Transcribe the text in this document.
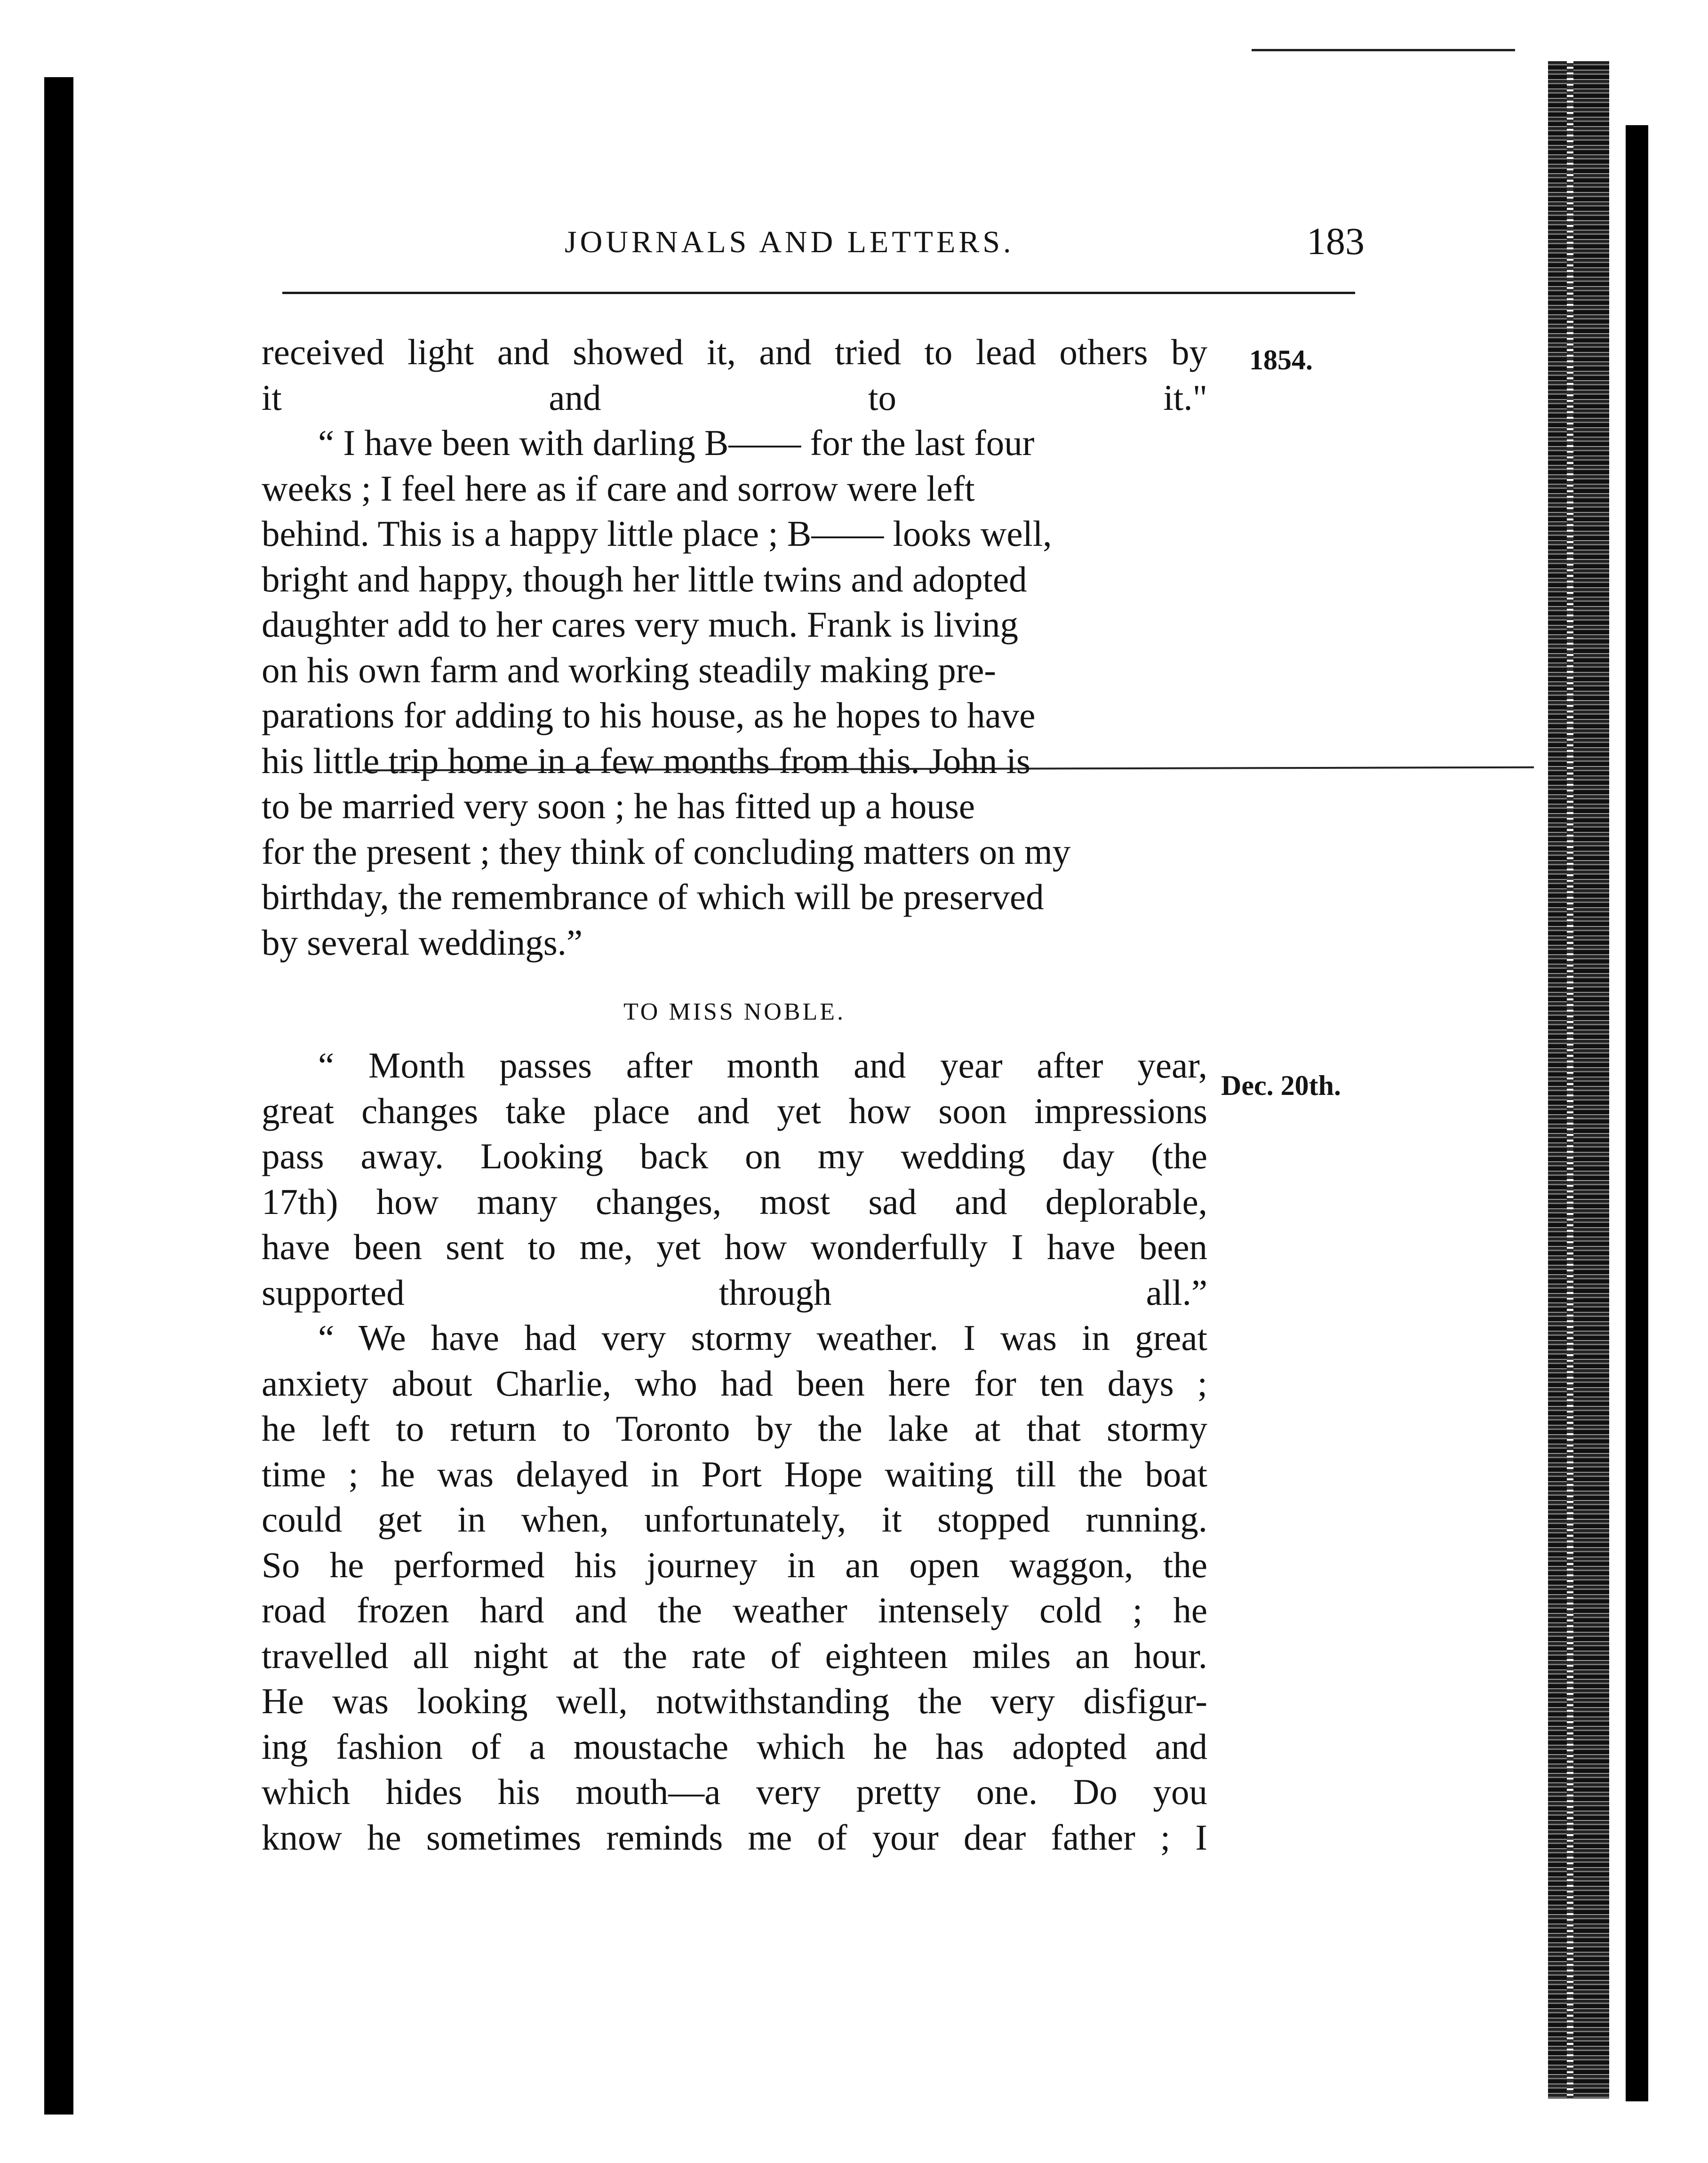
JOURNALS AND LETTERS.	183
1854.
Dec. 20th.

received light and showed it, and tried to lead others by
it and to it."

“ I have been with darling B—— for the last four
weeks ; I feel here as if care and sorrow were left
behind. This is a happy little place ; B—— looks well,
bright and happy, though her little twins and adopted
daughter add to her cares very much. Frank is living
on his own farm and working steadily making pre-
parations for adding to his house, as he hopes to have
his little trip home in a few months from this. John is
to be married very soon ; he has fitted up a house
for the present ; they think of concluding matters on my
birthday, the remembrance of which will be preserved
by several weddings.”

TO MISS NOBLE.

“ Month passes after month and year after year,
great changes take place and yet how soon impressions
pass away. Looking back on my wedding day (the
17th) how many changes, most sad and deplorable,
have been sent to me, yet how wonderfully I have been
supported through all.”

“ We have had very stormy weather. I was in great
anxiety about Charlie, who had been here for ten days ;
he left to return to Toronto by the lake at that stormy
time ; he was delayed in Port Hope waiting till the boat
could get in when, unfortunately, it stopped running.
So he performed his journey in an open waggon, the
road frozen hard and the weather intensely cold ; he
travelled all night at the rate of eighteen miles an hour.
He was looking well, notwithstanding the very disfigur-
ing fashion of a moustache which he has adopted and
which hides his mouth—a very pretty one. Do you
know he sometimes reminds me of your dear father ; I
